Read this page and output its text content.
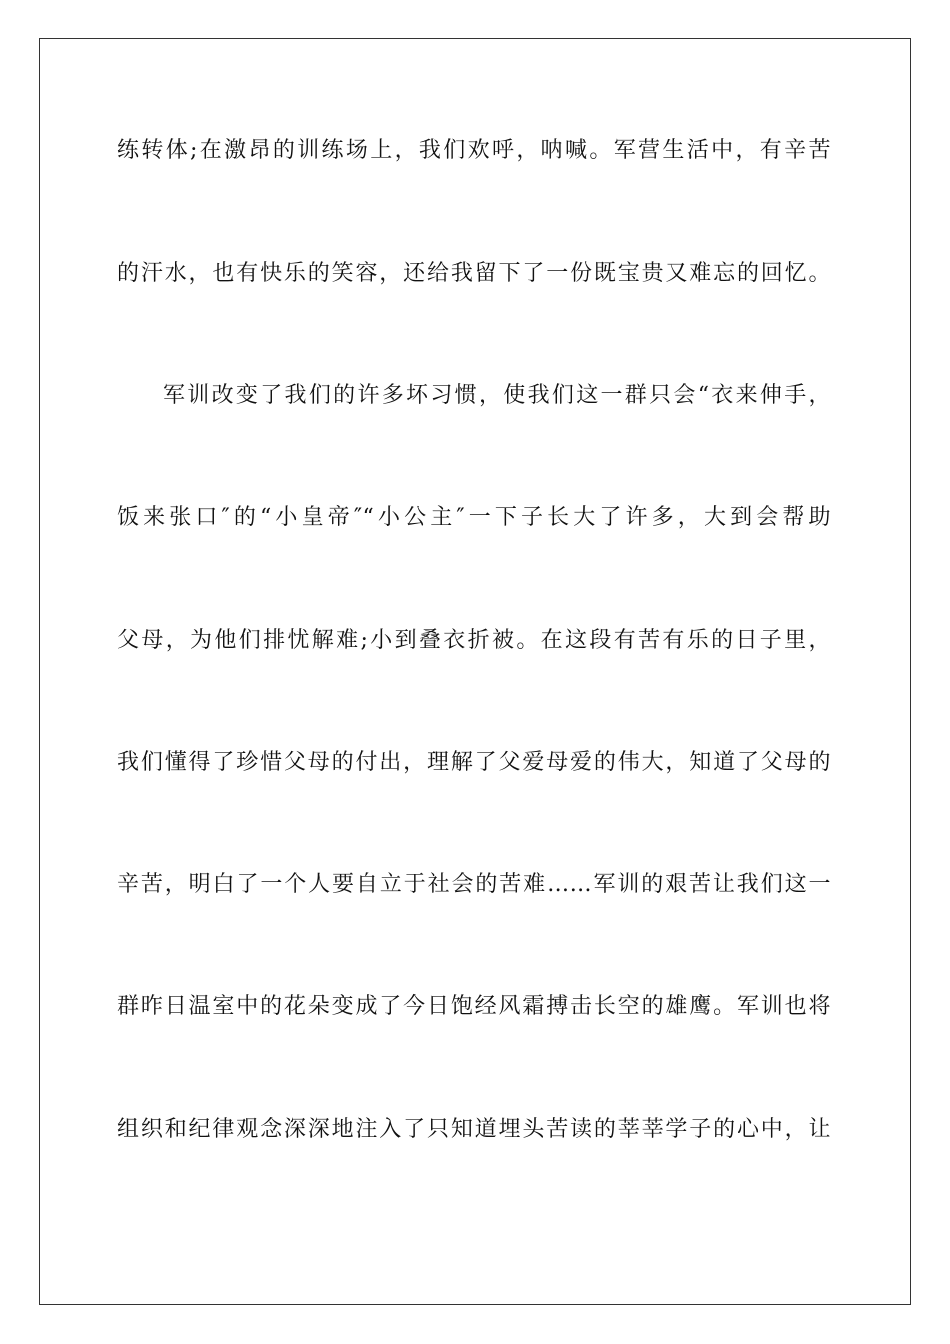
练转体;在激昂的训练场上，我们欢呼，呐喊。军营生活中，有辛苦
的汗水，也有快乐的笑容，还给我留下了一份既宝贵又难忘的回忆。
军训改变了我们的许多坏习惯，使我们这一群只会“衣来伸手，
饭来张口″的“小皇帝″“小公主″一下子长大了许多，大到会帮助
父母，为他们排忧解难;小到叠衣折被。在这段有苦有乐的日子里，
我们懂得了珍惜父母的付出，理解了父爱母爱的伟大，知道了父母的
辛苦，明白了一个人要自立于社会的苦难……军训的艰苦让我们这一
群昨日温室中的花朵变成了今日饱经风霜搏击长空的雄鹰。军训也将
组织和纪律观念深深地注入了只知道埋头苦读的莘莘学子的心中，让
